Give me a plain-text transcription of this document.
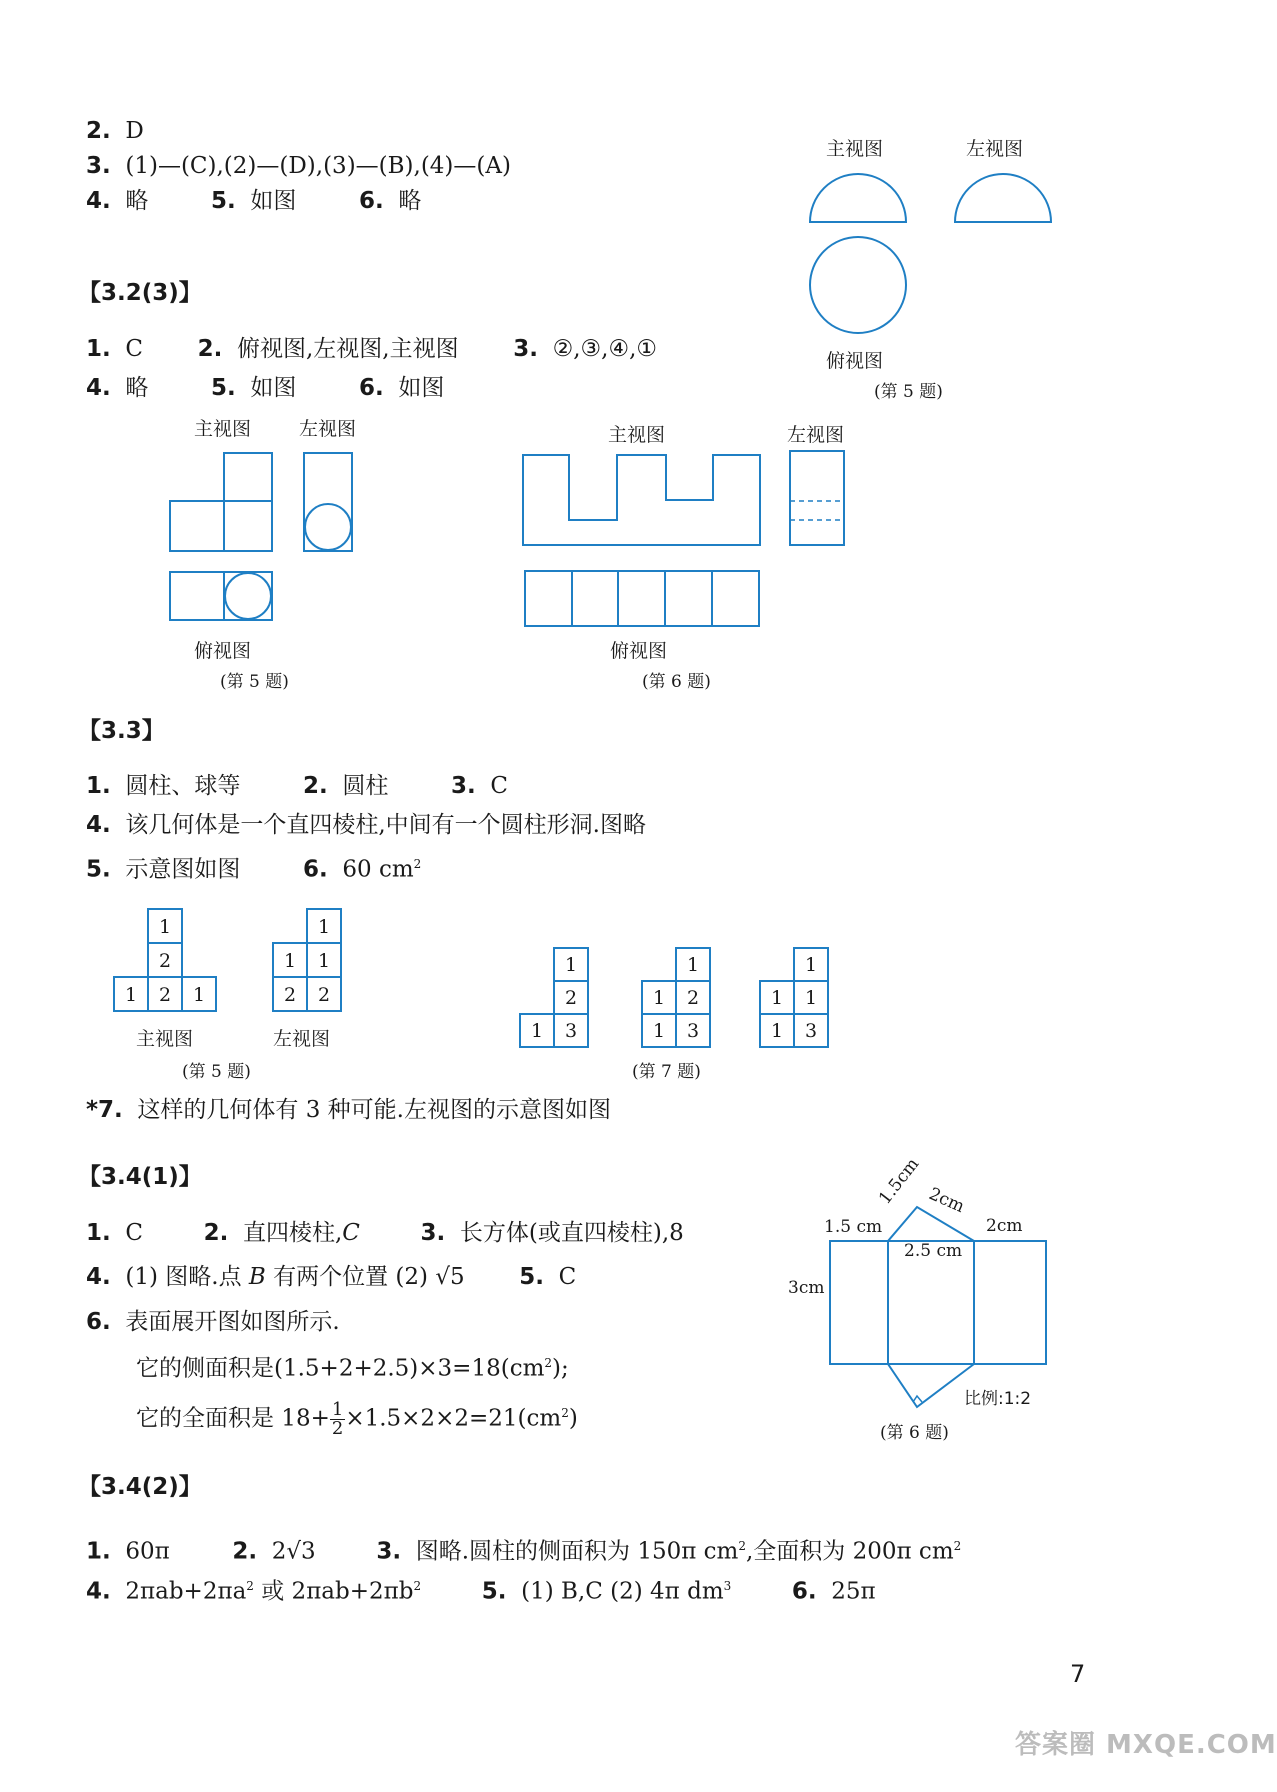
2. D
3. (1)—(C),(2)—(D),(3)—(B),(4)—(A)
4. 略	5. 如图	6. 略
主视图	左视图
俯视图
(第 5 题)
【3.2(3)】
1. C 2. 俯视图,左视图,主视图 3. ②,③,④,①
4. 略	5. 如图	6. 如图
主视图	左视图
俯视图
(第 5 题)
主视图	左视图
俯视图
(第 6 题)
【3.3】
1. 圆柱、球等	2. 圆柱	3. C
4. 该几何体是一个直四棱柱,中间有一个圆柱形洞.图略
5. 示意图如图	6. 60 $cm^2$
1
2
1 2 1
1
1 1
2 2
1
2
1 3
1
1 2
1 3
1
1 1
1 3
主视图	左视图
(第 5 题)	(第 7 题)
*7. 这样的几何体有 3 种可能.左视图的示意图如图
【3.4(1)】
1. C	2. 直四棱柱,C	3. 长方体(或直四棱柱),8
4. (1) 图略.点 B 有两个位置 (2) √5 5. C
6. 表面展开图如图所示.
它的侧面积是$(1.5+2+2.5)\times 3=18(cm^2)$;
它的全面积是 $18+ \frac{1}{2} \times 1.5\times 2\times 2=21(cm^2)$
1.5 cm
1.5cm 2cm
2cm
2.5 cm
3cm
比例:1:2
(第 6 题)
【3.4(2)】
1. 60π	2. 2√3	3. 图略.圆柱的侧面积为 150π $cm^2$,全面积为 200π $cm^2$
4. $2\pi ab+2\pi a^2$ 或 $2\pi ab+2\pi b^2$	5. (1) B,C (2) 4π $dm^3$	6. 25π
7
答案圈 MXQE.COM
